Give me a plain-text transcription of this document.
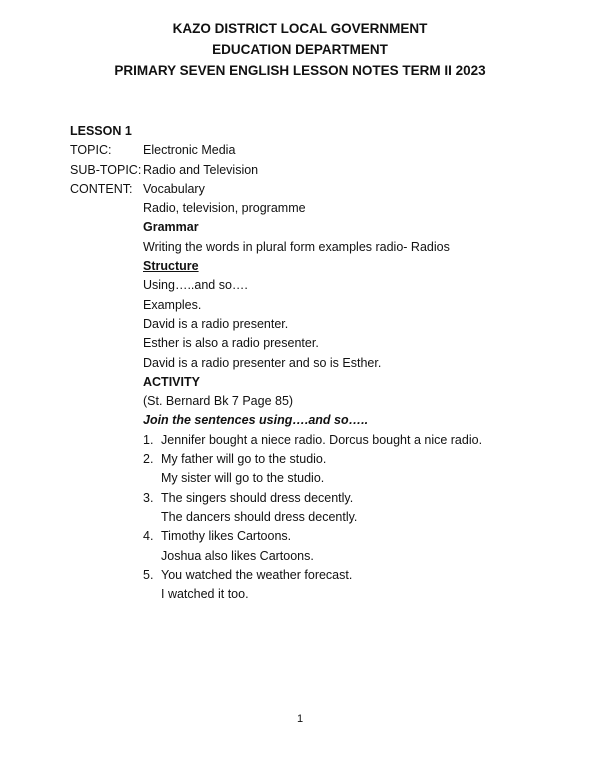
KAZO DISTRICT LOCAL GOVERNMENT
EDUCATION DEPARTMENT
PRIMARY SEVEN ENGLISH LESSON NOTES TERM II 2023
LESSON 1
TOPIC:	Electronic Media
SUB-TOPIC: Radio and Television
CONTENT: Vocabulary
Radio, television, programme
Grammar
Writing the words in plural form examples radio- Radios
Structure
Using…..and so….
Examples.
David is a radio presenter.
Esther is also a radio presenter.
David is a radio presenter and so is Esther.
ACTIVITY
(St. Bernard Bk 7 Page 85)
Join the sentences using….and so…..
1. Jennifer bought a niece radio. Dorcus bought a nice radio.
2. My father will go to the studio.
My sister will go to the studio.
3. The singers should dress decently.
The dancers should dress decently.
4. Timothy likes Cartoons.
Joshua also likes Cartoons.
5. You watched the weather forecast.
I watched it too.
1
